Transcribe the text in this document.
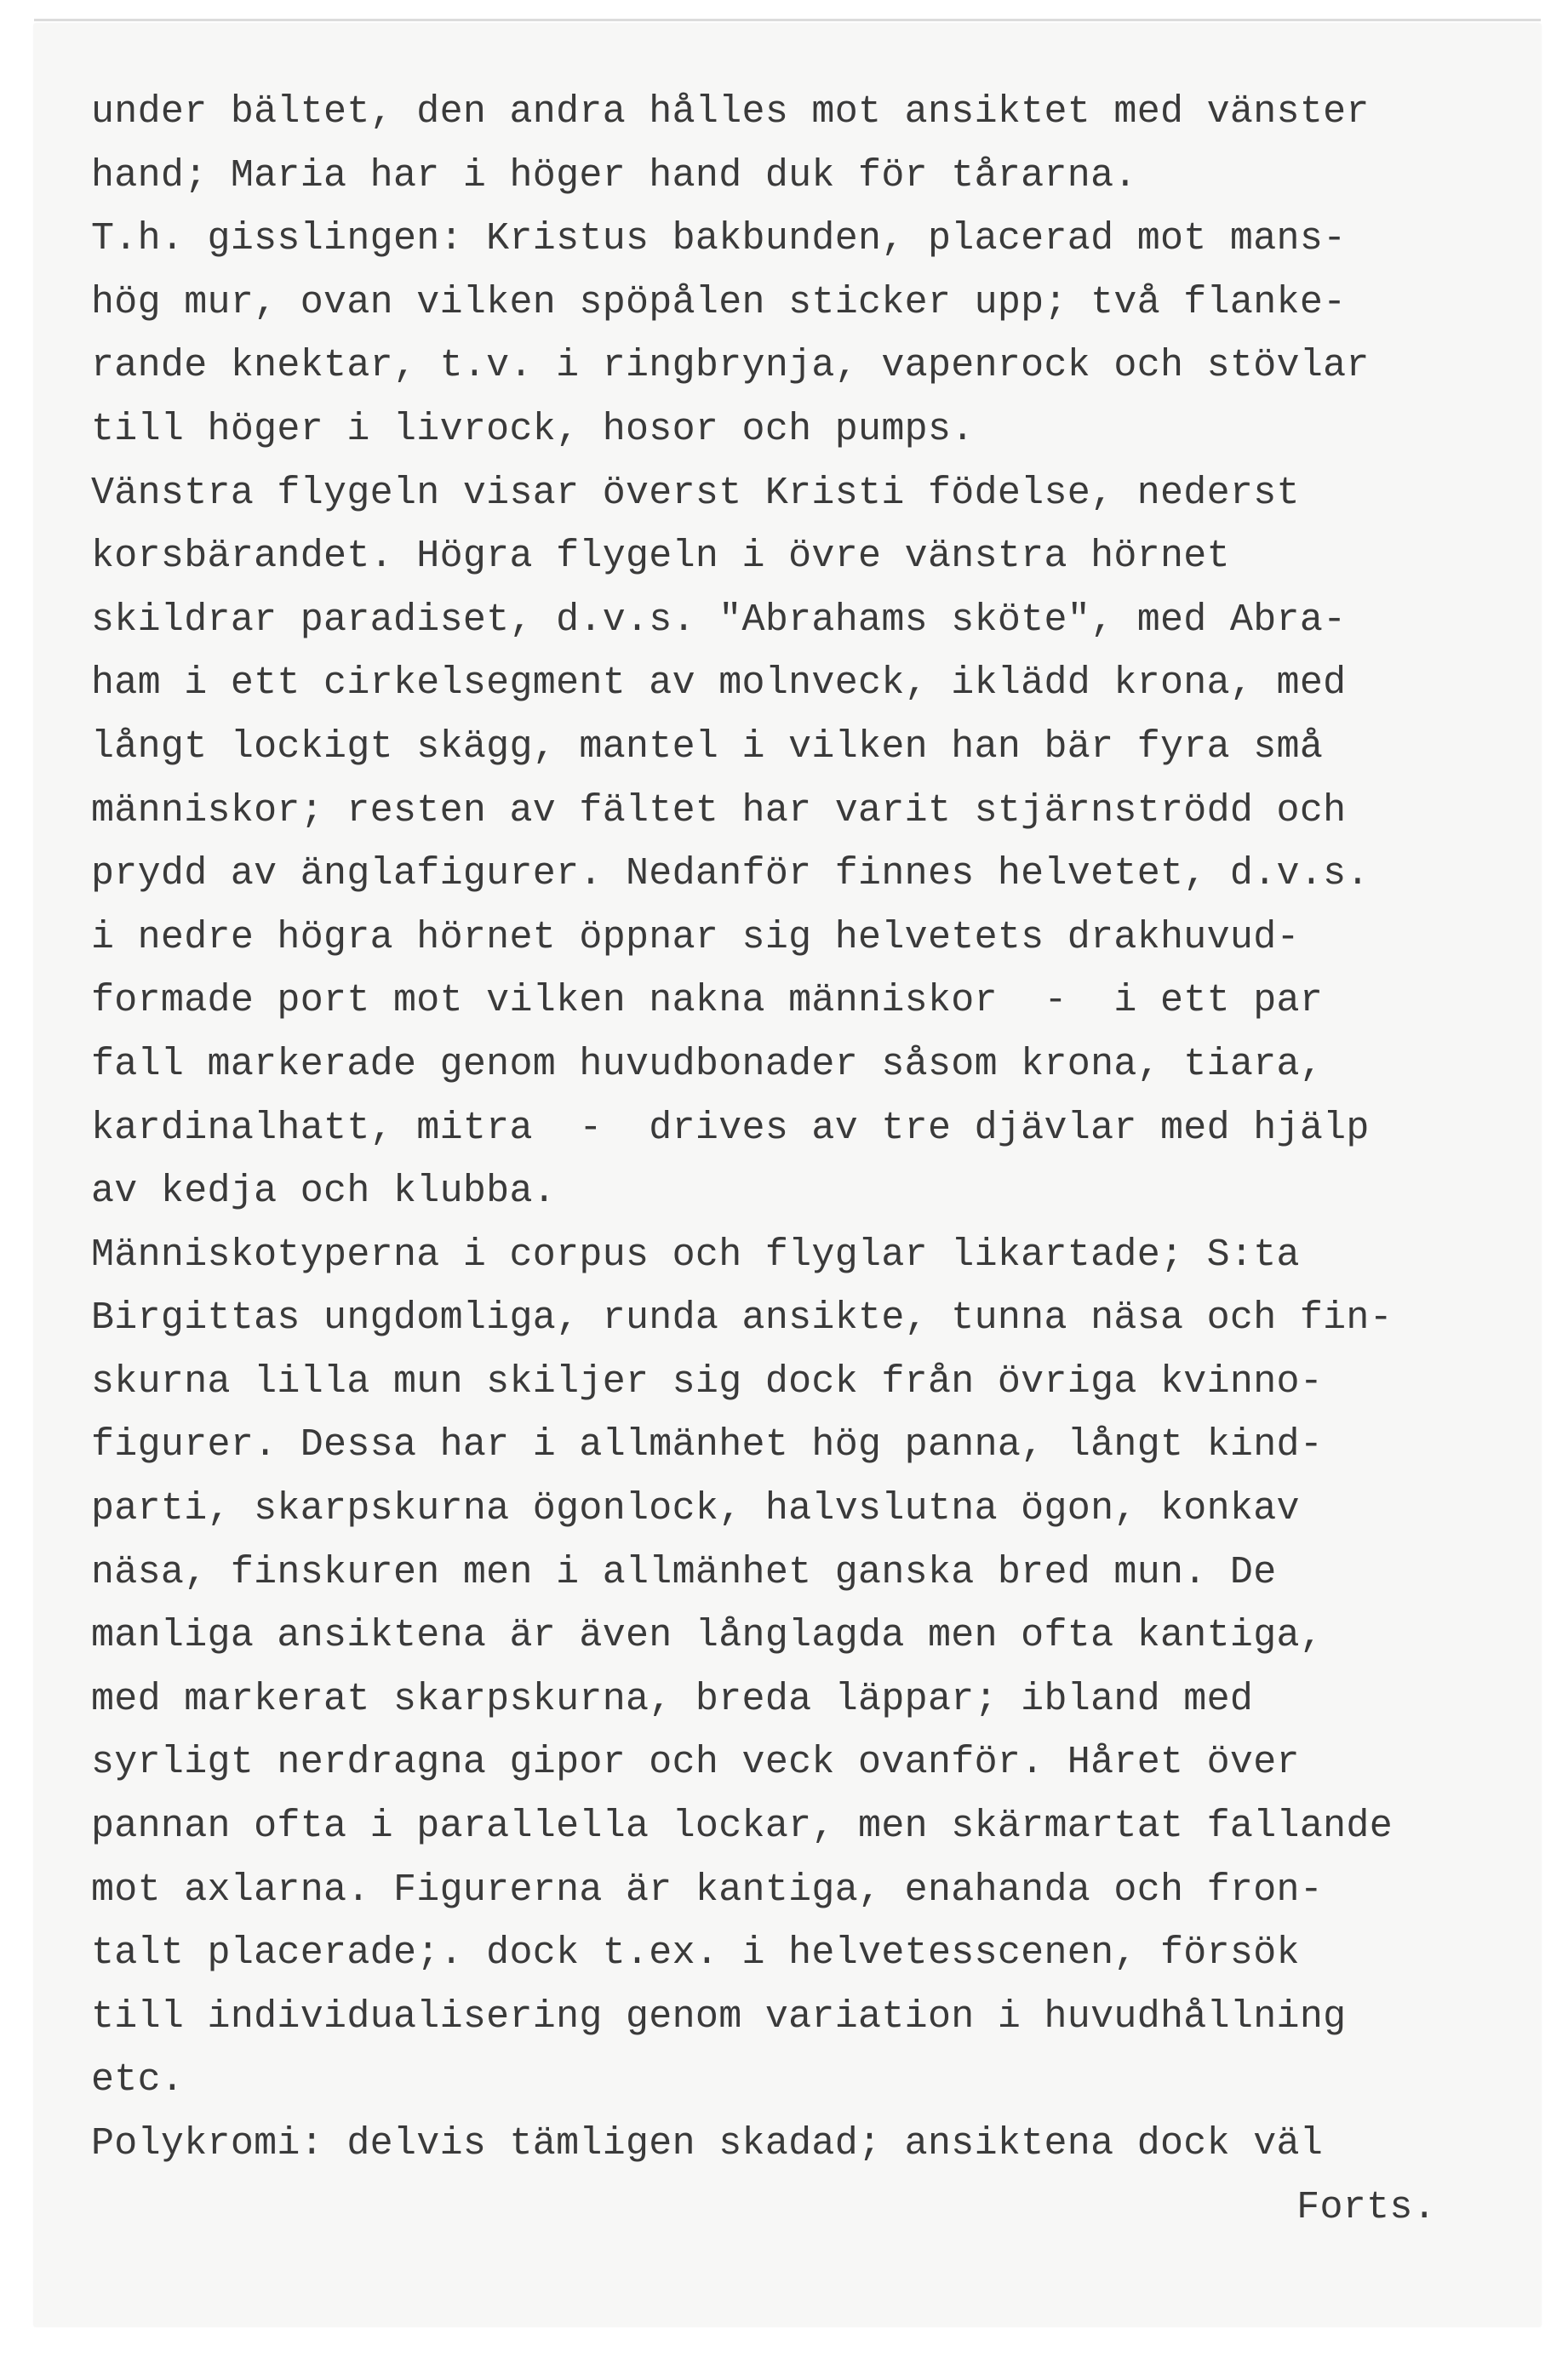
under bältet, den andra hålles mot ansiktet med vänster
hand; Maria har i höger hand duk för tårarna.
T.h. gisslingen: Kristus bakbunden, placerad mot mans-
hög mur, ovan vilken spöpålen sticker upp; två flanke-
rande knektar, t.v. i ringbrynja, vapenrock och stövlar
till höger i livrock, hosor och pumps.
Vänstra flygeln visar överst Kristi födelse, nederst
korsbärandet. Högra flygeln i övre vänstra hörnet
skildrar paradiset, d.v.s. "Abrahams sköte", med Abra-
ham i ett cirkelsegment av molnveck, iklädd krona, med
långt lockigt skägg, mantel i vilken han bär fyra små
människor; resten av fältet har varit stjärnströdd och
prydd av änglafigurer. Nedanför finnes helvetet, d.v.s.
i nedre högra hörnet öppnar sig helvetets drakhuvud-
formade port mot vilken nakna människor  -  i ett par
fall markerade genom huvudbonader såsom krona, tiara,
kardinalhatt, mitra  -  drives av tre djävlar med hjälp
av kedja och klubba.
Människotyperna i corpus och flyglar likartade; S:ta
Birgittas ungdomliga, runda ansikte, tunna näsa och fin-
skurna lilla mun skiljer sig dock från övriga kvinno-
figurer. Dessa har i allmänhet hög panna, långt kind-
parti, skarpskurna ögonlock, halvslutna ögon, konkav
näsa, finskuren men i allmänhet ganska bred mun. De
manliga ansiktena är även långlagda men ofta kantiga,
med markerat skarpskurna, breda läppar; ibland med
syrligt nerdragna gipor och veck ovanför. Håret över
pannan ofta i parallella lockar, men skärmartat fallande
mot axlarna. Figurerna är kantiga, enahanda och fron-
talt placerade;. dock t.ex. i helvetesscenen, försök
till individualisering genom variation i huvudhållning
etc.
Polykromi: delvis tämligen skadad; ansiktena dock väl
Forts.
